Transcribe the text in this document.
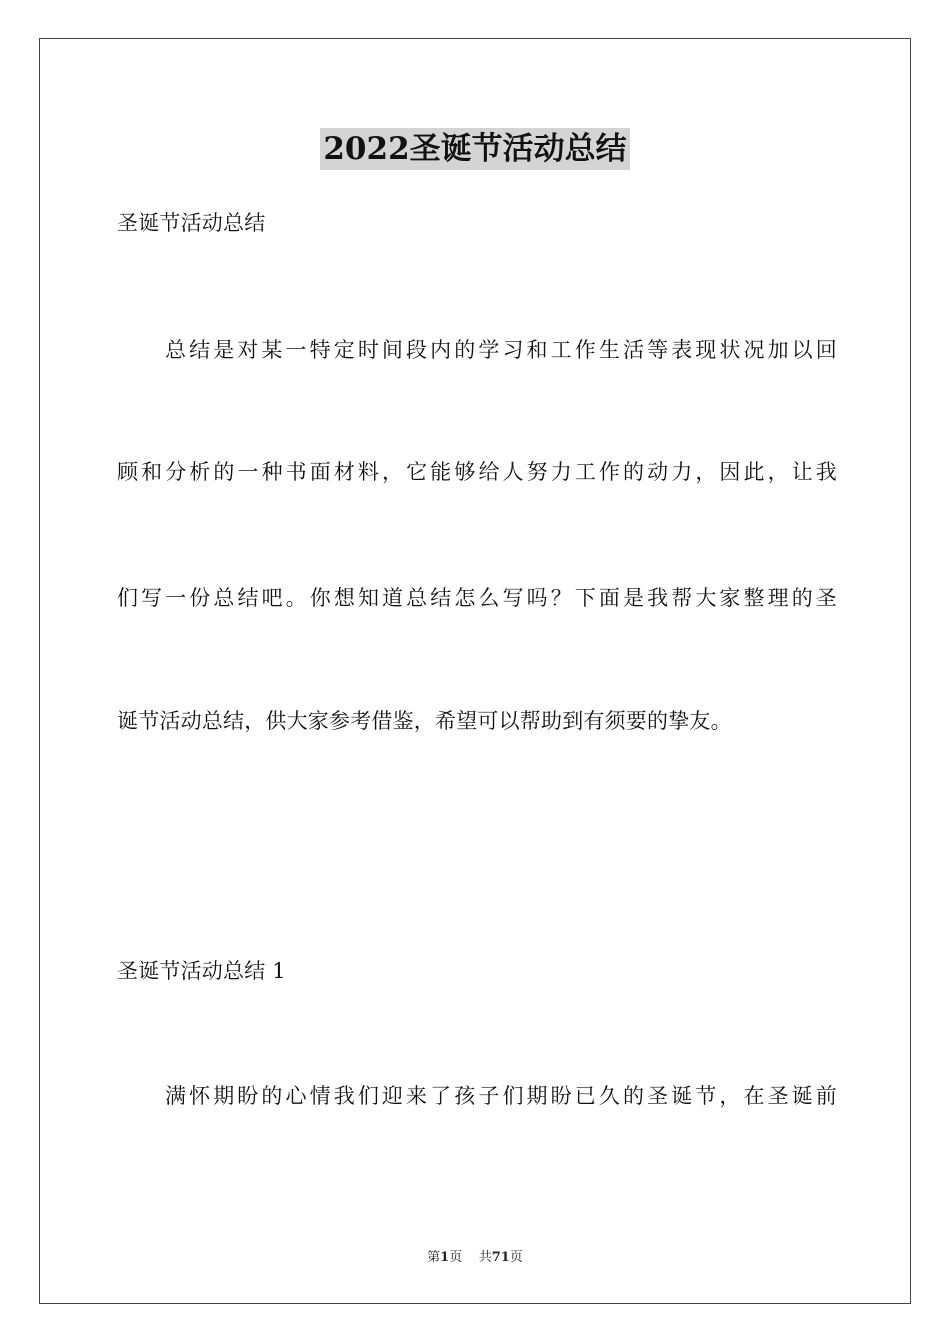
2022圣诞节活动总结

圣诞节活动总结

总结是对某一特定时间段内的学习和工作生活等表现状况加以回

顾和分析的一种书面材料，它能够给人努力工作的动力，因此，让我

们写一份总结吧。你想知道总结怎么写吗？下面是我帮大家整理的圣

诞节活动总结，供大家参考借鉴，希望可以帮助到有须要的挚友。

圣诞节活动总结 1

满怀期盼的心情我们迎来了孩子们期盼已久的圣诞节，在圣诞前

第1页 共71页
